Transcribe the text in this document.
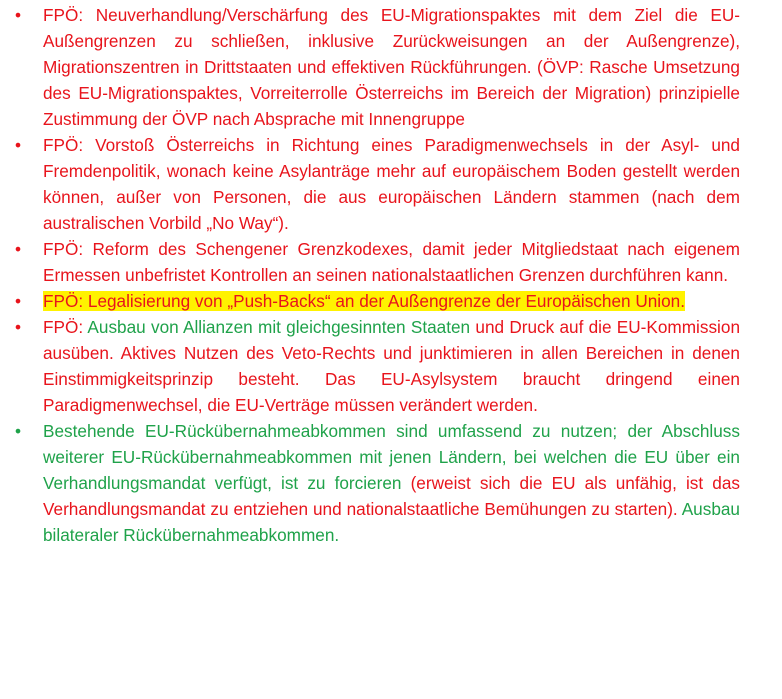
•	FPÖ: Neuverhandlung/Verschärfung des EU-Migrationspaktes mit dem Ziel die EU-Außengrenzen zu schließen, inklusive Zurückweisungen an der Außengrenze), Migrationszentren in Drittstaaten und effektiven Rückführungen. (ÖVP: Rasche Umsetzung des EU-Migrationspaktes, Vorreiterrolle Österreichs im Bereich der Migration) prinzipielle Zustimmung der ÖVP nach Absprache mit Innengruppe
•	FPÖ: Vorstoß Österreichs in Richtung eines Paradigmenwechsels in der Asyl- und Fremdenpolitik, wonach keine Asylanträge mehr auf europäischem Boden gestellt werden können, außer von Personen, die aus europäischen Ländern stammen (nach dem australischen Vorbild „No Way“).
•	FPÖ: Reform des Schengener Grenzkodexes, damit jeder Mitgliedstaat nach eigenem Ermessen unbefristet Kontrollen an seinen nationalstaatlichen Grenzen durchführen kann.
•	FPÖ: Legalisierung von „Push-Backs“ an der Außengrenze der Europäischen Union.
•	FPÖ: Ausbau von Allianzen mit gleichgesinnten Staaten und Druck auf die EU-Kommission ausüben. Aktives Nutzen des Veto-Rechts und junktimieren in allen Bereichen in denen Einstimmigkeitsprinzip besteht. Das EU-Asylsystem braucht dringend einen Paradigmenwechsel, die EU-Verträge müssen verändert werden.
•	Bestehende EU-Rückübernahmeabkommen sind umfassend zu nutzen; der Abschluss weiterer EU-Rückübernahmeabkommen mit jenen Ländern, bei welchen die EU über ein Verhandlungsmandat verfügt, ist zu forcieren (erweist sich die EU als unfähig, ist das Verhandlungsmandat zu entziehen und nationalstaatliche Bemühungen zu starten). Ausbau bilateraler Rückübernahmeabkommen.
